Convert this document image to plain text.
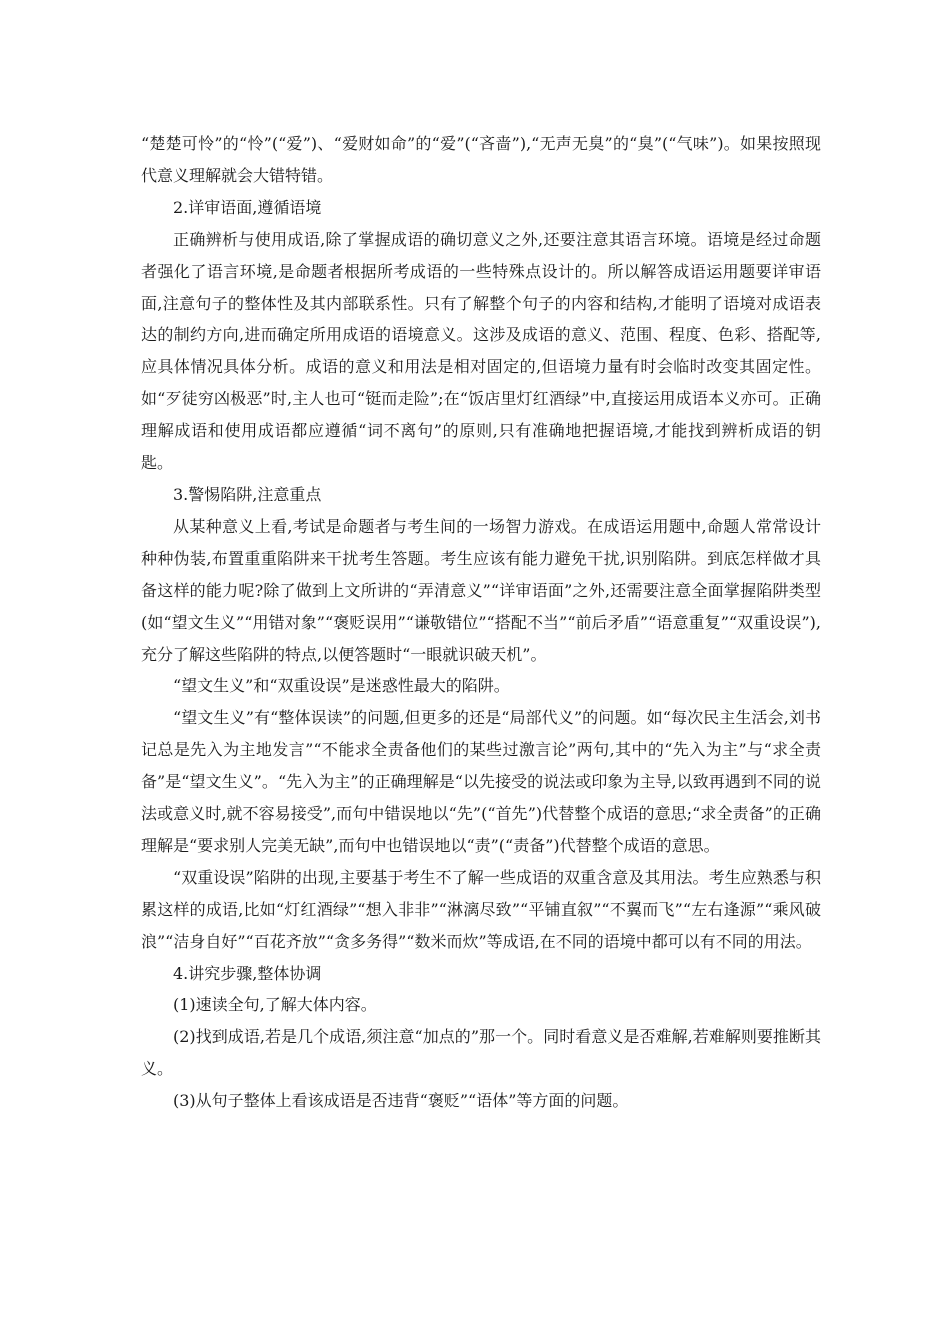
“楚楚可怜”的“怜”(“爱”)、“爱财如命”的“爱”(“吝啬”),“无声无臭”的“臭”(“气味”)。如果按照现代意义理解就会大错特错。

2.详审语面,遵循语境

正确辨析与使用成语,除了掌握成语的确切意义之外,还要注意其语言环境。语境是经过命题者强化了语言环境,是命题者根据所考成语的一些特殊点设计的。所以解答成语运用题要详审语面,注意句子的整体性及其内部联系性。只有了解整个句子的内容和结构,才能明了语境对成语表达的制约方向,进而确定所用成语的语境意义。这涉及成语的意义、范围、程度、色彩、搭配等,应具体情况具体分析。成语的意义和用法是相对固定的,但语境力量有时会临时改变其固定性。如“歹徒穷凶极恶”时,主人也可“铤而走险”;在“饭店里灯红酒绿”中,直接运用成语本义亦可。正确理解成语和使用成语都应遵循“词不离句”的原则,只有准确地把握语境,才能找到辨析成语的钥匙。

3.警惕陷阱,注意重点

从某种意义上看,考试是命题者与考生间的一场智力游戏。在成语运用题中,命题人常常设计种种伪装,布置重重陷阱来干扰考生答题。考生应该有能力避免干扰,识别陷阱。到底怎样做才具备这样的能力呢?除了做到上文所讲的“弄清意义”“详审语面”之外,还需要注意全面掌握陷阱类型(如“望文生义”“用错对象”“褒贬误用”“谦敬错位”“搭配不当”“前后矛盾”“语意重复”“双重设误”),充分了解这些陷阱的特点,以便答题时“一眼就识破天机”。

“望文生义”和“双重设误”是迷惑性最大的陷阱。

“望文生义”有“整体误读”的问题,但更多的还是“局部代义”的问题。如“每次民主生活会,刘书记总是先入为主地发言”“不能求全责备他们的某些过激言论”两句,其中的“先入为主”与“求全责备”是“望文生义”。“先入为主”的正确理解是“以先接受的说法或印象为主导,以致再遇到不同的说法或意义时,就不容易接受”,而句中错误地以“先”(“首先”)代替整个成语的意思;“求全责备”的正确理解是“要求别人完美无缺”,而句中也错误地以“责”(“责备”)代替整个成语的意思。

“双重设误”陷阱的出现,主要基于考生不了解一些成语的双重含意及其用法。考生应熟悉与积累这样的成语,比如“灯红酒绿”“想入非非”“淋漓尽致”“平铺直叙”“不翼而飞”“左右逢源”“乘风破浪”“洁身自好”“百花齐放”“贪多务得”“数米而炊”等成语,在不同的语境中都可以有不同的用法。

4.讲究步骤,整体协调

(1)速读全句,了解大体内容。

(2)找到成语,若是几个成语,须注意“加点的”那一个。同时看意义是否难解,若难解则要推断其义。

(3)从句子整体上看该成语是否违背“褒贬”“语体”等方面的问题。
